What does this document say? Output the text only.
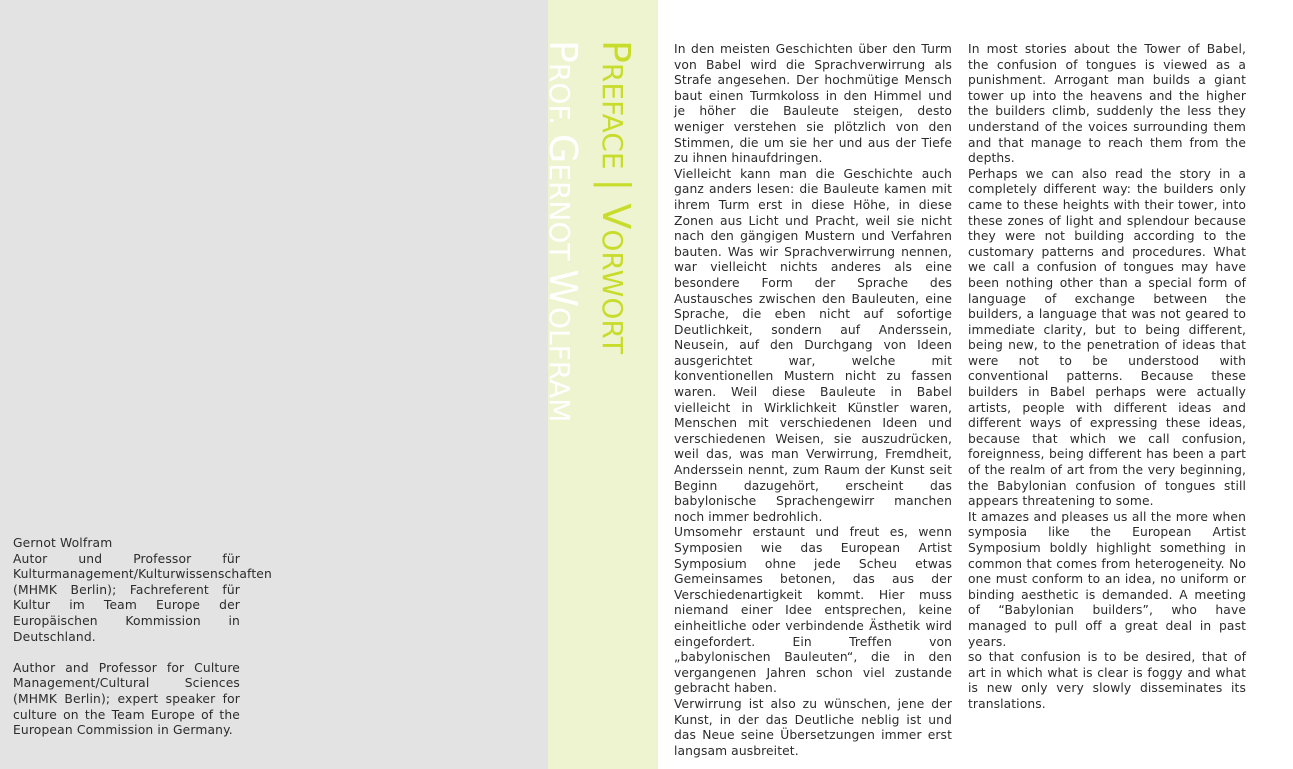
Gernot Wolfram

Autor und Professor für Kulturmanagement/Kulturwissenschaften (MHMK Berlin); Fachreferent für Kultur im Team Europe der Europäischen Kommission in Deutschland.

Author and Professor for Culture Management/Cultural Sciences (MHMK Berlin); expert speaker for culture on the Team Europe of the European Commission in Germany.

PREFACE | VORWORT
PROF. GERNOT WOLFRAM

In den meisten Geschichten über den Turm von Babel wird die Sprachverwirrung als Strafe angesehen. Der hochmütige Mensch baut einen Turmkoloss in den Himmel und je höher die Bauleute steigen, desto weniger verstehen sie plötzlich von den Stimmen, die um sie her und aus der Tiefe zu ihnen hinaufdringen.

Vielleicht kann man die Geschichte auch ganz anders lesen: die Bauleute kamen mit ihrem Turm erst in diese Höhe, in diese Zonen aus Licht und Pracht, weil sie nicht nach den gängigen Mustern und Verfahren bauten. Was wir Sprachverwirrung nennen, war vielleicht nichts anderes als eine besondere Form der Sprache des Austausches zwischen den Bauleuten, eine Sprache, die eben nicht auf sofortige Deutlichkeit, sondern auf Anderssein, Neusein, auf den Durchgang von Ideen ausgerichtet war, welche mit konventionellen Mustern nicht zu fassen waren. Weil diese Bauleute in Babel vielleicht in Wirklichkeit Künstler waren, Menschen mit verschiedenen Ideen und verschiedenen Weisen, sie auszudrücken, weil das, was man Verwirrung, Fremdheit, Anderssein nennt, zum Raum der Kunst seit Beginn dazugehört, erscheint das babylonische Sprachengewirr manchen noch immer bedrohlich.

Umsomehr erstaunt und freut es, wenn Symposien wie das European Artist Symposium ohne jede Scheu etwas Gemeinsames betonen, das aus der Verschiedenartigkeit kommt. Hier muss niemand einer Idee entsprechen, keine einheitliche oder verbindende Ästhetik wird eingefordert. Ein Treffen von „babylonischen Bauleuten“, die in den vergangenen Jahren schon viel zustande gebracht haben.

Verwirrung ist also zu wünschen, jene der Kunst, in der das Deutliche neblig ist und das Neue seine Übersetzungen immer erst langsam ausbreitet.

In most stories about the Tower of Babel, the confusion of tongues is viewed as a punishment. Arrogant man builds a giant tower up into the heavens and the higher the builders climb, suddenly the less they understand of the voices surrounding them and that manage to reach them from the depths.

Perhaps we can also read the story in a completely different way: the builders only came to these heights with their tower, into these zones of light and splendour because they were not building according to the customary patterns and procedures. What we call a confusion of tongues may have been nothing other than a special form of language of exchange between the builders, a language that was not geared to immediate clarity, but to being different, being new, to the penetration of ideas that were not to be understood with conventional patterns. Because these builders in Babel perhaps were actually artists, people with different ideas and different ways of expressing these ideas, because that which we call confusion, foreignness, being different has been a part of the realm of art from the very beginning, the Babylonian confusion of tongues still appears threatening to some.

It amazes and pleases us all the more when symposia like the European Artist Symposium boldly highlight something in common that comes from heterogeneity. No one must conform to an idea, no uniform or binding aesthetic is demanded. A meeting of “Babylonian builders”, who have managed to pull off a great deal in past years.

so that confusion is to be desired, that of art in which what is clear is foggy and what is new only very slowly disseminates its translations.
